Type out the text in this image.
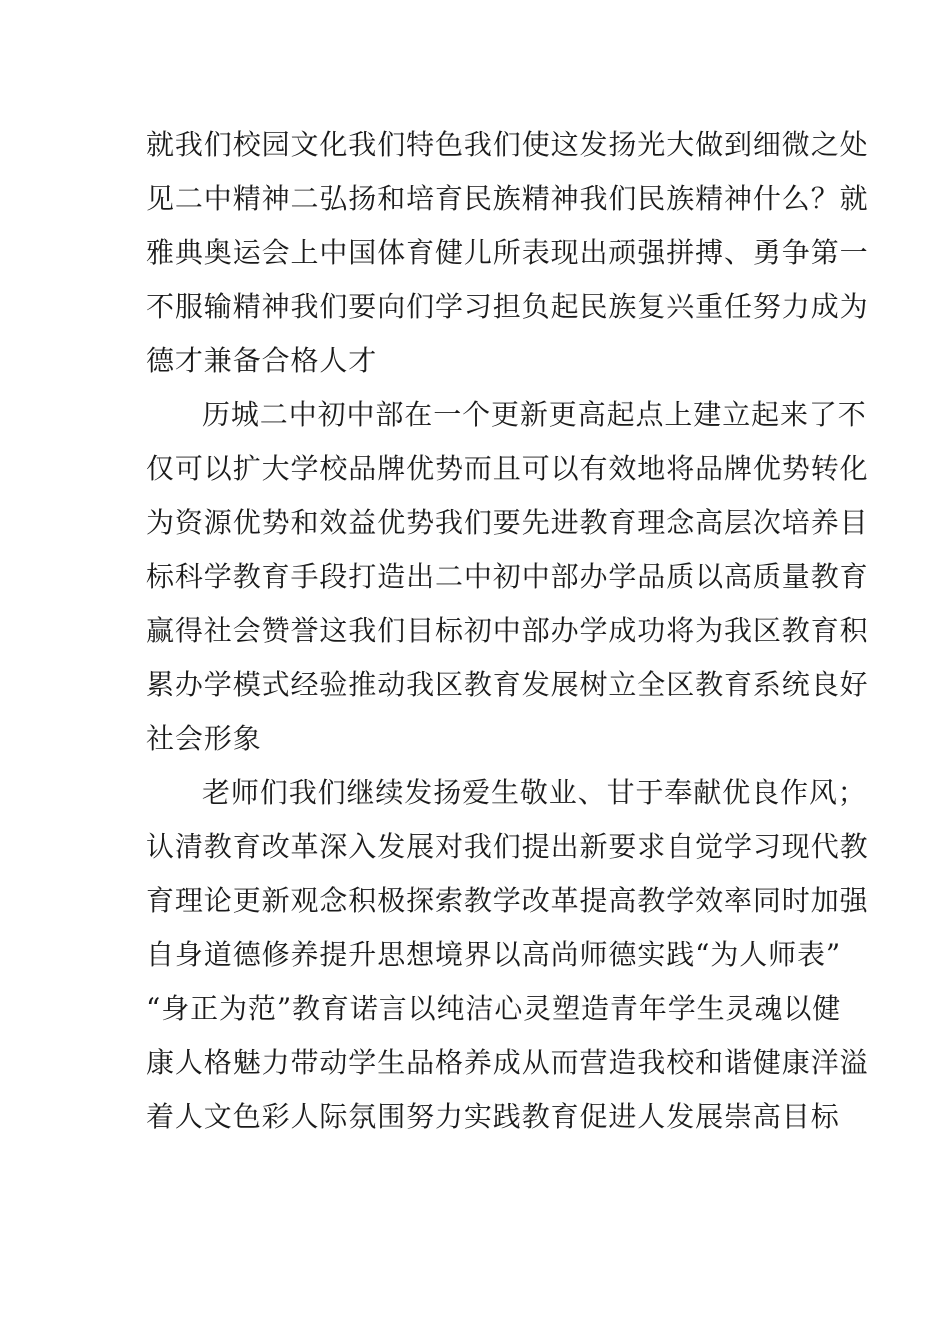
就我们校园文化我们特色我们使这发扬光大做到细微之处
见二中精神二弘扬和培育民族精神我们民族精神什么？就
雅典奥运会上中国体育健儿所表现出顽强拼搏、勇争第一
不服输精神我们要向们学习担负起民族复兴重任努力成为
德才兼备合格人才
历城二中初中部在一个更新更高起点上建立起来了不
仅可以扩大学校品牌优势而且可以有效地将品牌优势转化
为资源优势和效益优势我们要先进教育理念高层次培养目
标科学教育手段打造出二中初中部办学品质以高质量教育
赢得社会赞誉这我们目标初中部办学成功将为我区教育积
累办学模式经验推动我区教育发展树立全区教育系统良好
社会形象
老师们我们继续发扬爱生敬业、甘于奉献优良作风；
认清教育改革深入发展对我们提出新要求自觉学习现代教
育理论更新观念积极探索教学改革提高教学效率同时加强
自身道德修养提升思想境界以高尚师德实践“为人师表”
“身正为范”教育诺言以纯洁心灵塑造青年学生灵魂以健
康人格魅力带动学生品格养成从而营造我校和谐健康洋溢
着人文色彩人际氛围努力实践教育促进人发展崇高目标
